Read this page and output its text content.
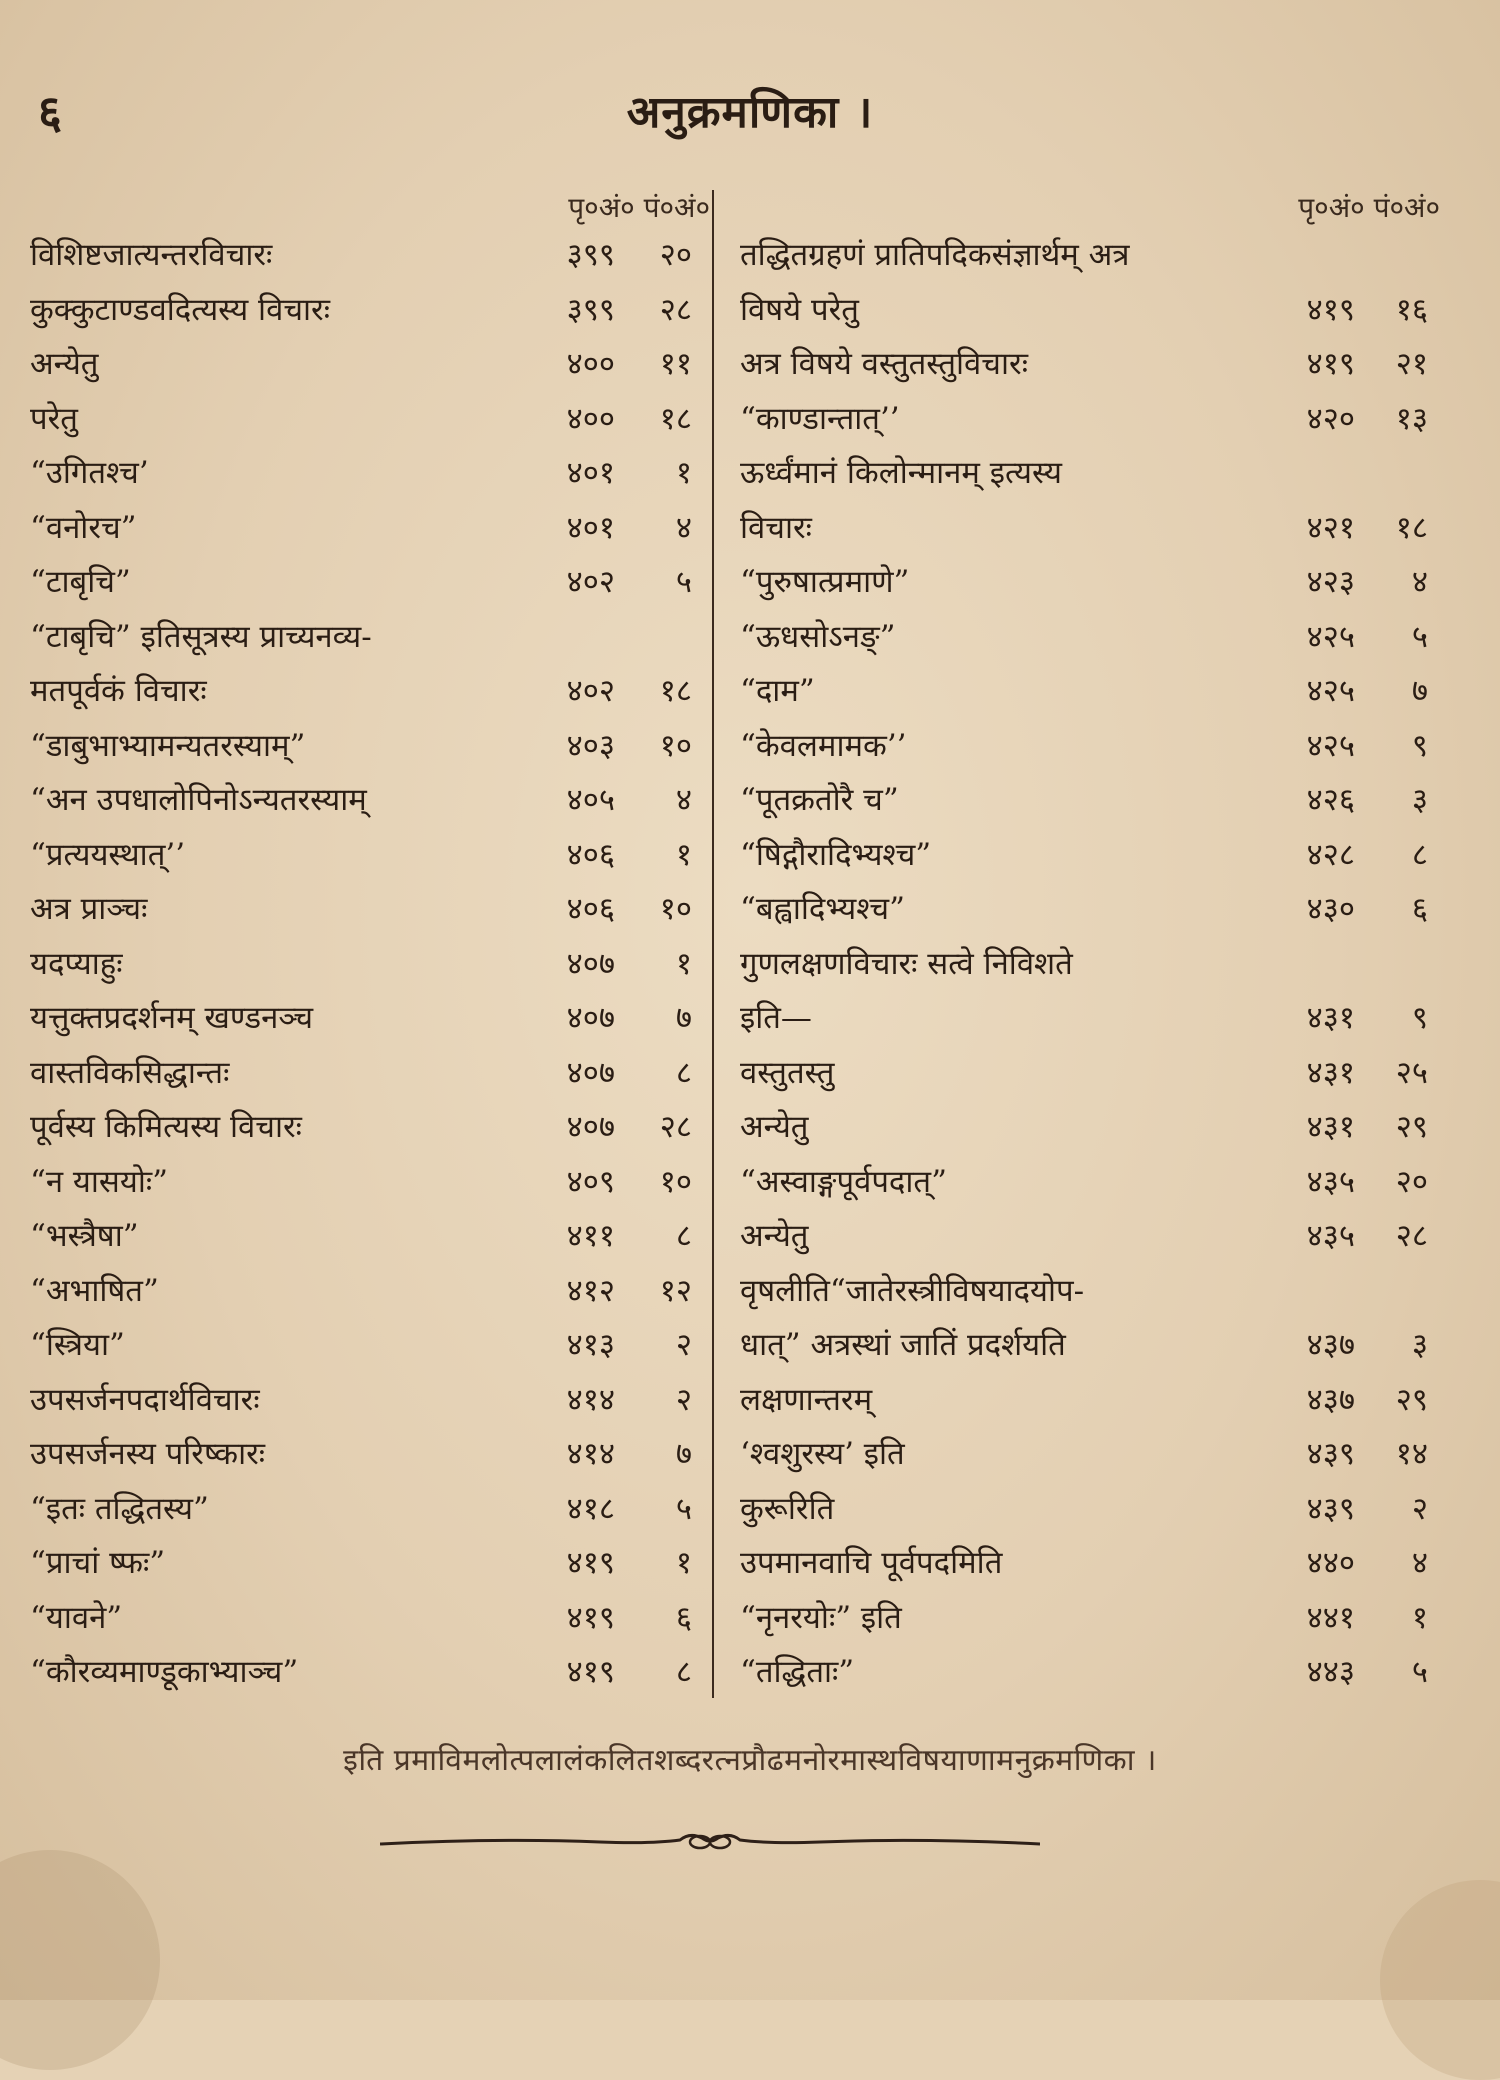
६	अनुक्रमणिका ।
पृ०अं० पं०अं०
विशिष्टजात्यन्तरविचारः	३९९	२०
कुक्कुटाण्डवदित्यस्य विचारः	३९९	२८
अन्येतु	४००	११
परेतु	४००	१८
“उगितश्च’	४०१	१
“वनोरच”	४०१	४
“टाबृचि”	४०२	५
“टाबृचि” इतिसूत्रस्य प्राच्यनव्य-
मतपूर्वकं विचारः	४०२	१८
“डाबुभाभ्यामन्यतरस्याम्”	४०३	१०
“अन उपधालोपिनोऽन्यतरस्याम्	४०५	४
“प्रत्ययस्थात्’’	४०६	१
अत्र प्राञ्चः	४०६	१०
यदप्याहुः	४०७	१
यत्तुक्तप्रदर्शनम् खण्डनञ्च	४०७	७
वास्तविकसिद्धान्तः	४०७	८
पूर्वस्य किमित्यस्य विचारः	४०७	२८
“न यासयोः”	४०९	१०
“भस्त्रैषा”	४११	८
“अभाषित”	४१२	१२
“स्त्रिया”	४१३	२
उपसर्जनपदार्थविचारः	४१४	२
उपसर्जनस्य परिष्कारः	४१४	७
“इतः तद्धितस्य”	४१८	५
“प्राचां ष्फः”	४१९	१
“यावने”	४१९	६
“कौरव्यमाण्डूकाभ्याञ्च”	४१९	८
पृ०अं० पं०अं०
तद्धितग्रहणं प्रातिपदिकसंज्ञार्थम् अत्र
विषये परेतु	४१९	१६
अत्र विषये वस्तुतस्तुविचारः	४१९	२१
“काण्डान्तात्’’	४२०	१३
ऊर्ध्वंमानं किलोन्मानम् इत्यस्य
विचारः	४२१	१८
“पुरुषात्प्रमाणे”	४२३	४
“ऊधसोऽनङ्”	४२५	५
“दाम”	४२५	७
“केवलमामक’’	४२५	९
“पूतक्रतोरै च”	४२६	३
“षिद्गौरादिभ्यश्च”	४२८	८
“बह्वादिभ्यश्च”	४३०	६
गुणलक्षणविचारः सत्वे निविशते
इति—	४३१	९
वस्तुतस्तु	४३१	२५
अन्येतु	४३१	२९
“अस्वाङ्गपूर्वपदात्”	४३५	२०
अन्येतु	४३५	२८
वृषलीति“जातेरस्त्रीविषयादयोप-
धात्” अत्रस्थां जातिं प्रदर्शयति	४३७	३
लक्षणान्तरम्	४३७	२९
‘श्वशुरस्य’ इति	४३९	१४
कुरूरिति	४३९	२
उपमानवाचि पूर्वपदमिति	४४०	४
“नृनरयोः” इति	४४१	१
“तद्धिताः”	४४३	५
इति प्रमाविमलोत्पलालंकलितशब्दरत्नप्रौढमनोरमास्थविषयाणामनुक्रमणिका ।
